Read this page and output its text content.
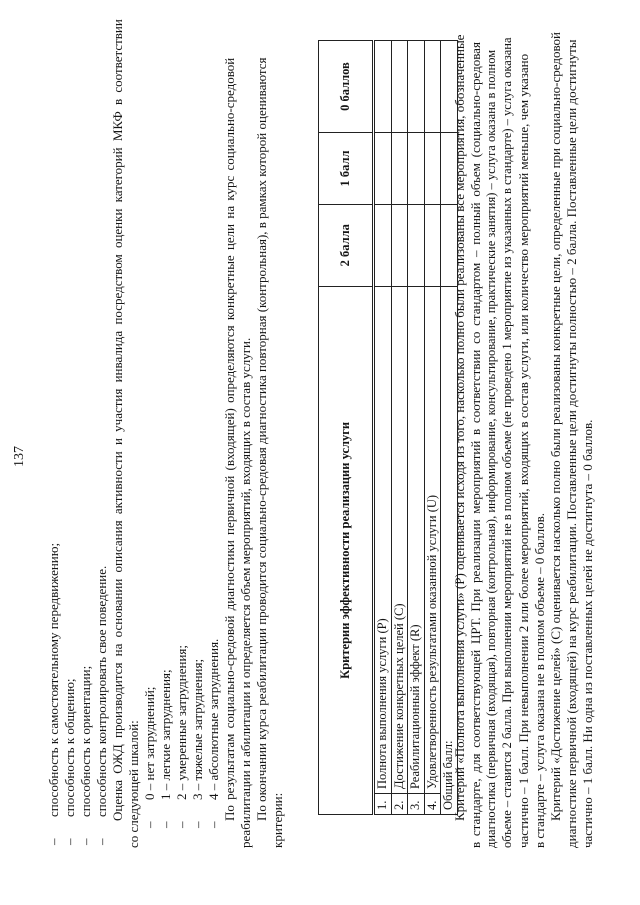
137
–способность к самостоятельному передвижению;
–способность к общению;
–способность к ориентации;
–способность контролировать свое поведение. Оценка ОЖД производится на основании описания активности и участия инвалида посредством оценки категорий МКФ в соответствии со следующей шкалой: –0 – нет затруднений;
–1 – легкие затруднения;
–2 – умеренные затруднения;
–3 – тяжелые затруднения;
–4 – абсолютные затруднения. По результатам социально-средовой диагностики первичной (входящей) определяются конкретные цели на курс социально-средовой реабилитации и абилитации и определяется объем мероприятий, входящих в состав услуги. По окончании курса реабилитации проводится социально-средовая диагностика повторная (контрольная), в рамках которой оцениваются критерии:
Критерии эффективности реализации услуги		2 балла	1 балл	0 баллов
1.	Полнота выполнения услуги (P)			
2.	Достижение конкретных целей (C)			
3.	Реабилитационный эффект (R)			
4.	Удовлетворенность результатами оказанной услуги (U)			
Общий балл:				
Критерий «Полнота выполнения услуги» (P) оценивается исходя из того, насколько полно были реализованы все мероприятия, обозначенные в стандарте, для соответствующей ЦРТ. При реализации мероприятий в соответствии со стандартом – полный объем (социально-средовая диагностика (первичная (входящая), повторная (контрольная), информирование, консультирование, практические занятия) – услуга оказана в полном объеме – ставится 2 балла. При выполнении мероприятий не в полном объеме (не проведено 1 мероприятие из указанных в стандарте) – услуга оказана частично – 1 балл. При невыполнении 2 или более мероприятий, входящих в состав услуги, или количество мероприятий меньше, чем указано в стандарте – услуга оказана не в полном объеме – 0 баллов. Критерий «Достижение целей» (C) оценивается насколько полно были реализованы конкретные цели, определенные при социально-средовой диагностике первичной (входящей) на курс реабилитации. Поставленные цели достигнуты полностью – 2 балла. Поставленные цели достигнуты частично – 1 балл. Ни одна из поставленных целей не достигнута – 0 баллов.
